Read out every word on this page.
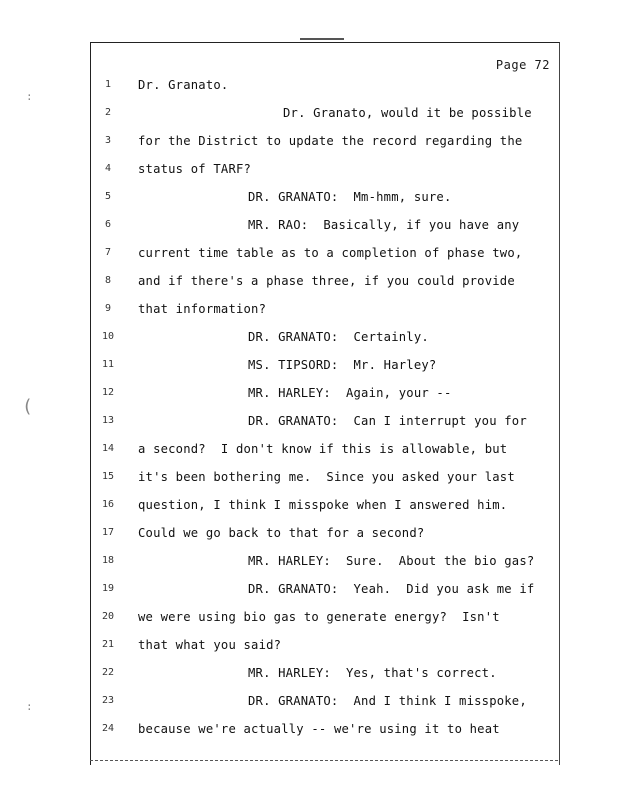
Page 72
:
(
:
1	Dr. Granato.
2	Dr. Granato, would it be possible
3	for the District to update the record regarding the
4	status of TARF?
5	DR. GRANATO:  Mm-hmm, sure.
6	MR. RAO:  Basically, if you have any
7	current time table as to a completion of phase two,
8	and if there's a phase three, if you could provide
9	that information?
10	DR. GRANATO:  Certainly.
11	MS. TIPSORD:  Mr. Harley?
12	MR. HARLEY:  Again, your --
13	DR. GRANATO:  Can I interrupt you for
14	a second?  I don't know if this is allowable, but
15	it's been bothering me.  Since you asked your last
16	question, I think I misspoke when I answered him.
17	Could we go back to that for a second?
18	MR. HARLEY:  Sure.  About the bio gas?
19	DR. GRANATO:  Yeah.  Did you ask me if
20	we were using bio gas to generate energy?  Isn't
21	that what you said?
22	MR. HARLEY:  Yes, that's correct.
23	DR. GRANATO:  And I think I misspoke,
24	because we're actually -- we're using it to heat
